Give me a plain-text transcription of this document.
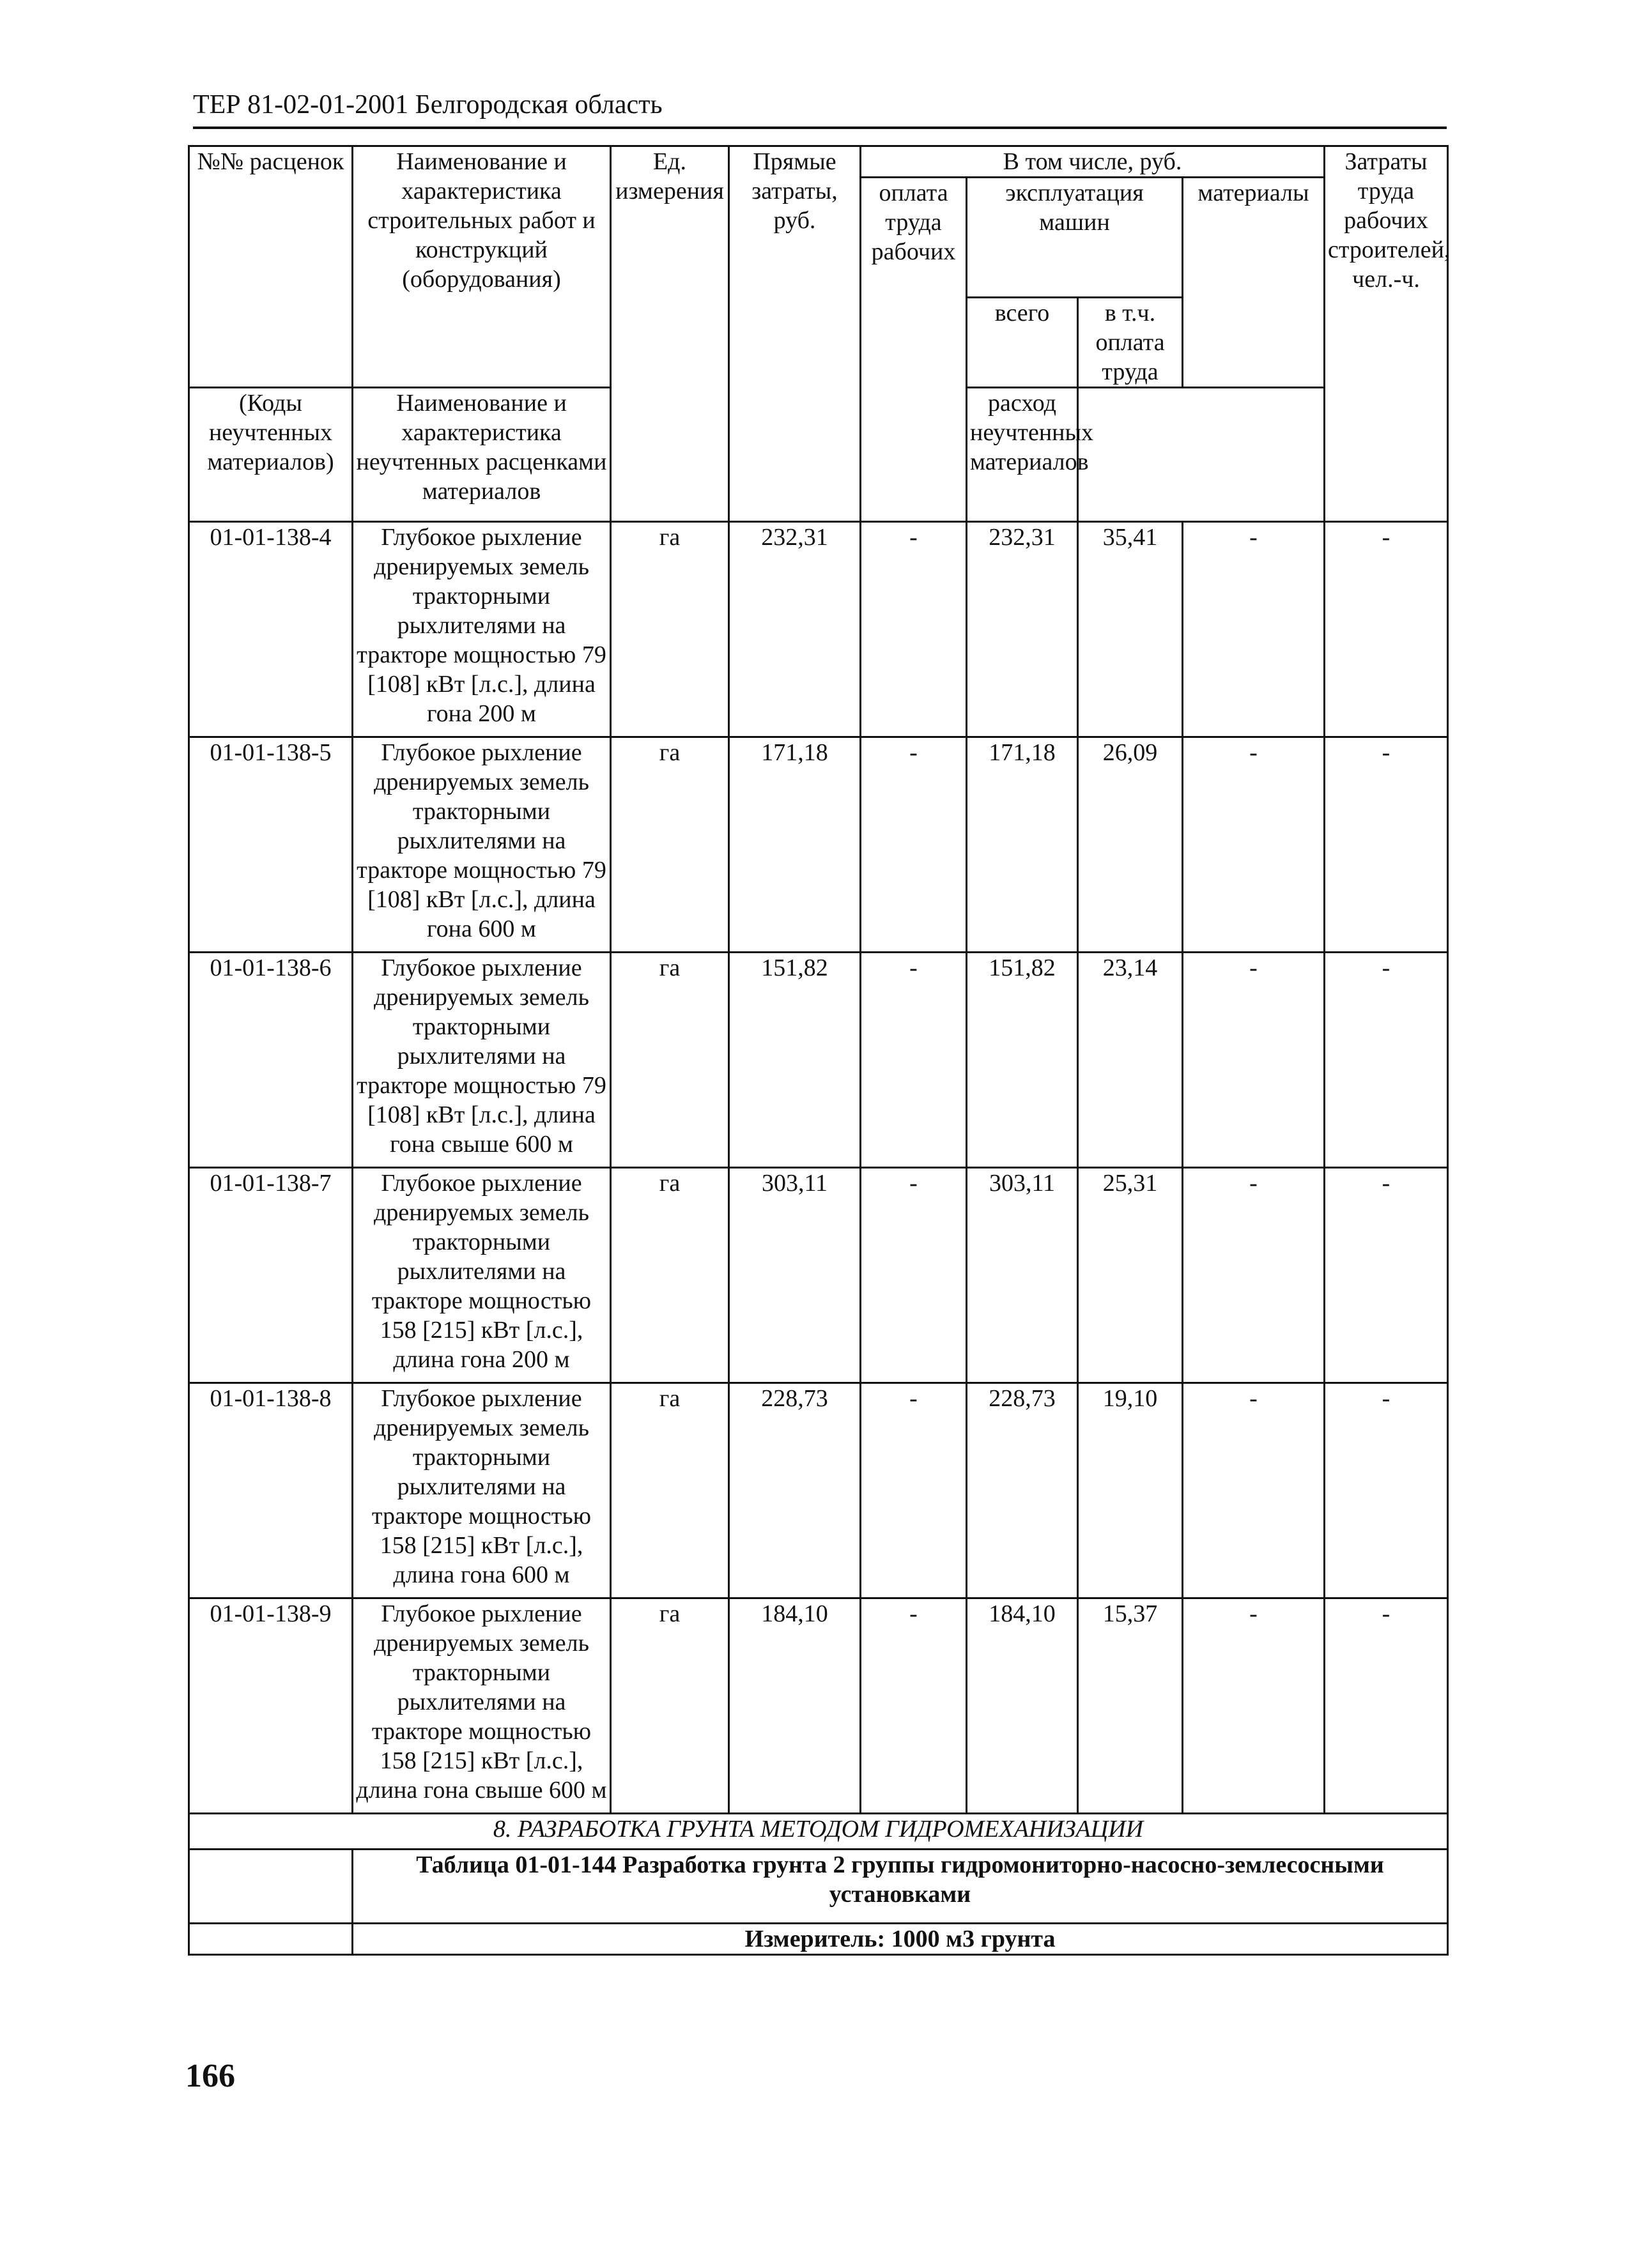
ТЕР 81-02-01-2001 Белгородская область
№№ расценок	Наименование и характеристика строительных работ и конструкций (оборудования)	Ед. измерения	Прямые затраты, руб.	В том числе, руб.				Затраты труда рабочих строителей, чел.-ч.
				оплата труда рабочих	эксплуатация машин		материалы	
					всего	в т.ч. оплата труда		
(Коды неучтенных материалов)	Наименование и характеристика неучтенных расценками материалов				расход неучтенных материалов			
01-01-138-4	Глубокое рыхление дренируемых земель тракторными рыхлителями на тракторе мощностью 79 [108] кВт [л.с.], длина гона 200 м	га	232,31	-	232,31	35,41	-	-
01-01-138-5	Глубокое рыхление дренируемых земель тракторными рыхлителями на тракторе мощностью 79 [108] кВт [л.с.], длина гона 600 м	га	171,18	-	171,18	26,09	-	-
01-01-138-6	Глубокое рыхление дренируемых земель тракторными рыхлителями на тракторе мощностью 79 [108] кВт [л.с.], длина гона свыше 600 м	га	151,82	-	151,82	23,14	-	-
01-01-138-7	Глубокое рыхление дренируемых земель тракторными рыхлителями на тракторе мощностью 158 [215] кВт [л.с.], длина гона 200 м	га	303,11	-	303,11	25,31	-	-
01-01-138-8	Глубокое рыхление дренируемых земель тракторными рыхлителями на тракторе мощностью 158 [215] кВт [л.с.], длина гона 600 м	га	228,73	-	228,73	19,10	-	-
01-01-138-9	Глубокое рыхление дренируемых земель тракторными рыхлителями на тракторе мощностью 158 [215] кВт [л.с.], длина гона свыше 600 м	га	184,10	-	184,10	15,37	-	-
8. РАЗРАБОТКА ГРУНТА МЕТОДОМ ГИДРОМЕХАНИЗАЦИИ								
	Таблица 01-01-144 Разработка грунта 2 группы гидромониторно-насосно-землесосными установками							
	Измеритель: 1000 м3 грунта							
166
